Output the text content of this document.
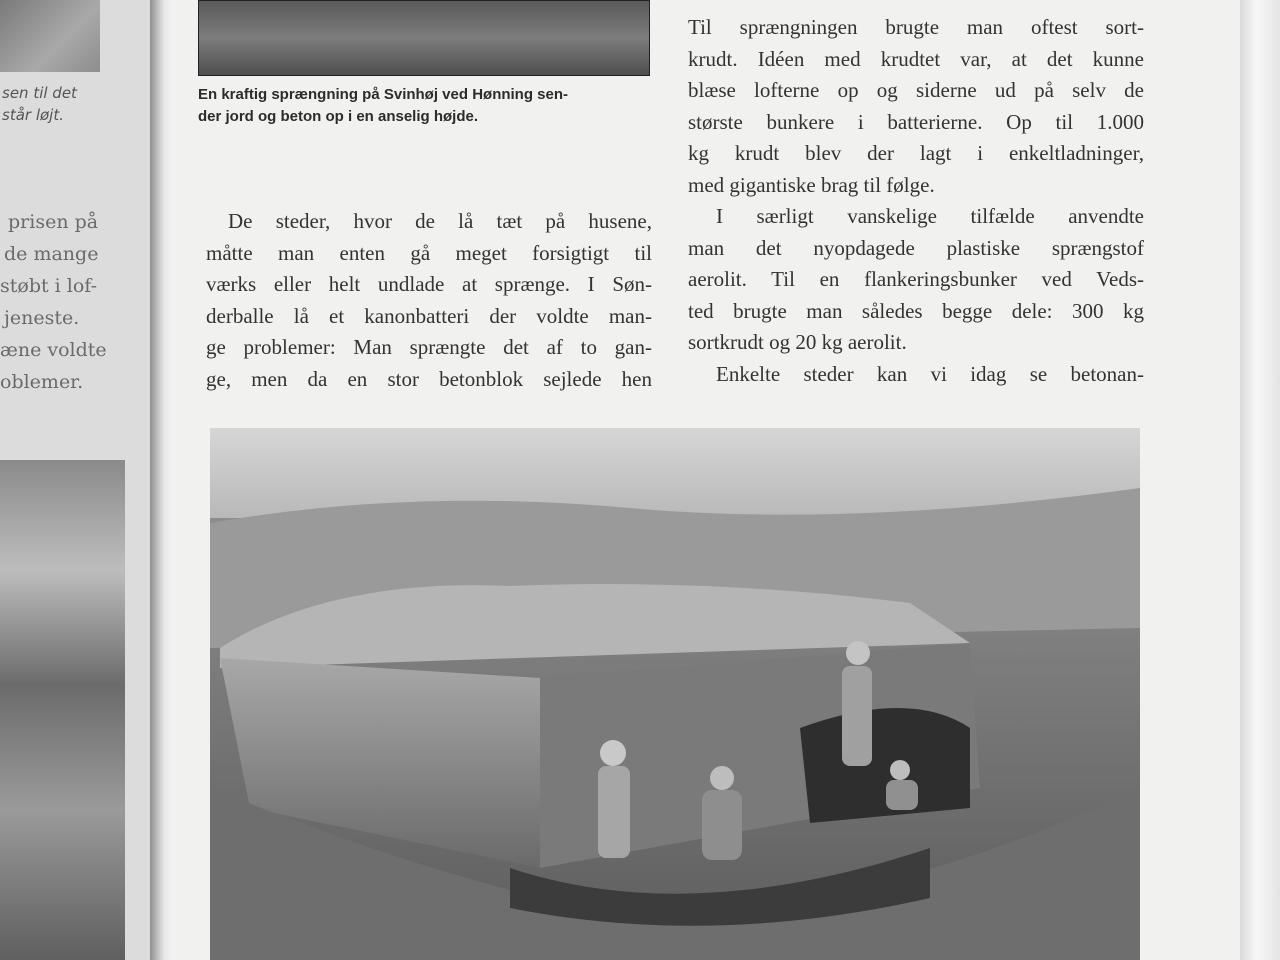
sen til det
står løjt.
prisen på
de mange
støbt i lof-
jeneste.
æne voldte
oblemer.
En kraftig sprængning på Svinhøj ved Hønning sen-
der jord og beton op i en anselig højde.
De steder, hvor de lå tæt på husene,
måtte man enten gå meget forsigtigt til
værks eller helt undlade at sprænge. I Søn-
derballe lå et kanonbatteri der voldte man-
ge problemer: Man sprængte det af to gan-
ge, men da en stor betonblok sejlede hen
Til sprængningen brugte man oftest sort-
krudt. Idéen med krudtet var, at det kunne
blæse lofterne op og siderne ud på selv de
største bunkere i batterierne. Op til 1.000
kg krudt blev der lagt i enkeltladninger,
med gigantiske brag til følge.
I særligt vanskelige tilfælde anvendte
man det nyopdagede plastiske sprængstof
aerolit. Til en flankeringsbunker ved Veds-
ted brugte man således begge dele: 300 kg
sortkrudt og 20 kg aerolit.
Enkelte steder kan vi idag se betonan-
